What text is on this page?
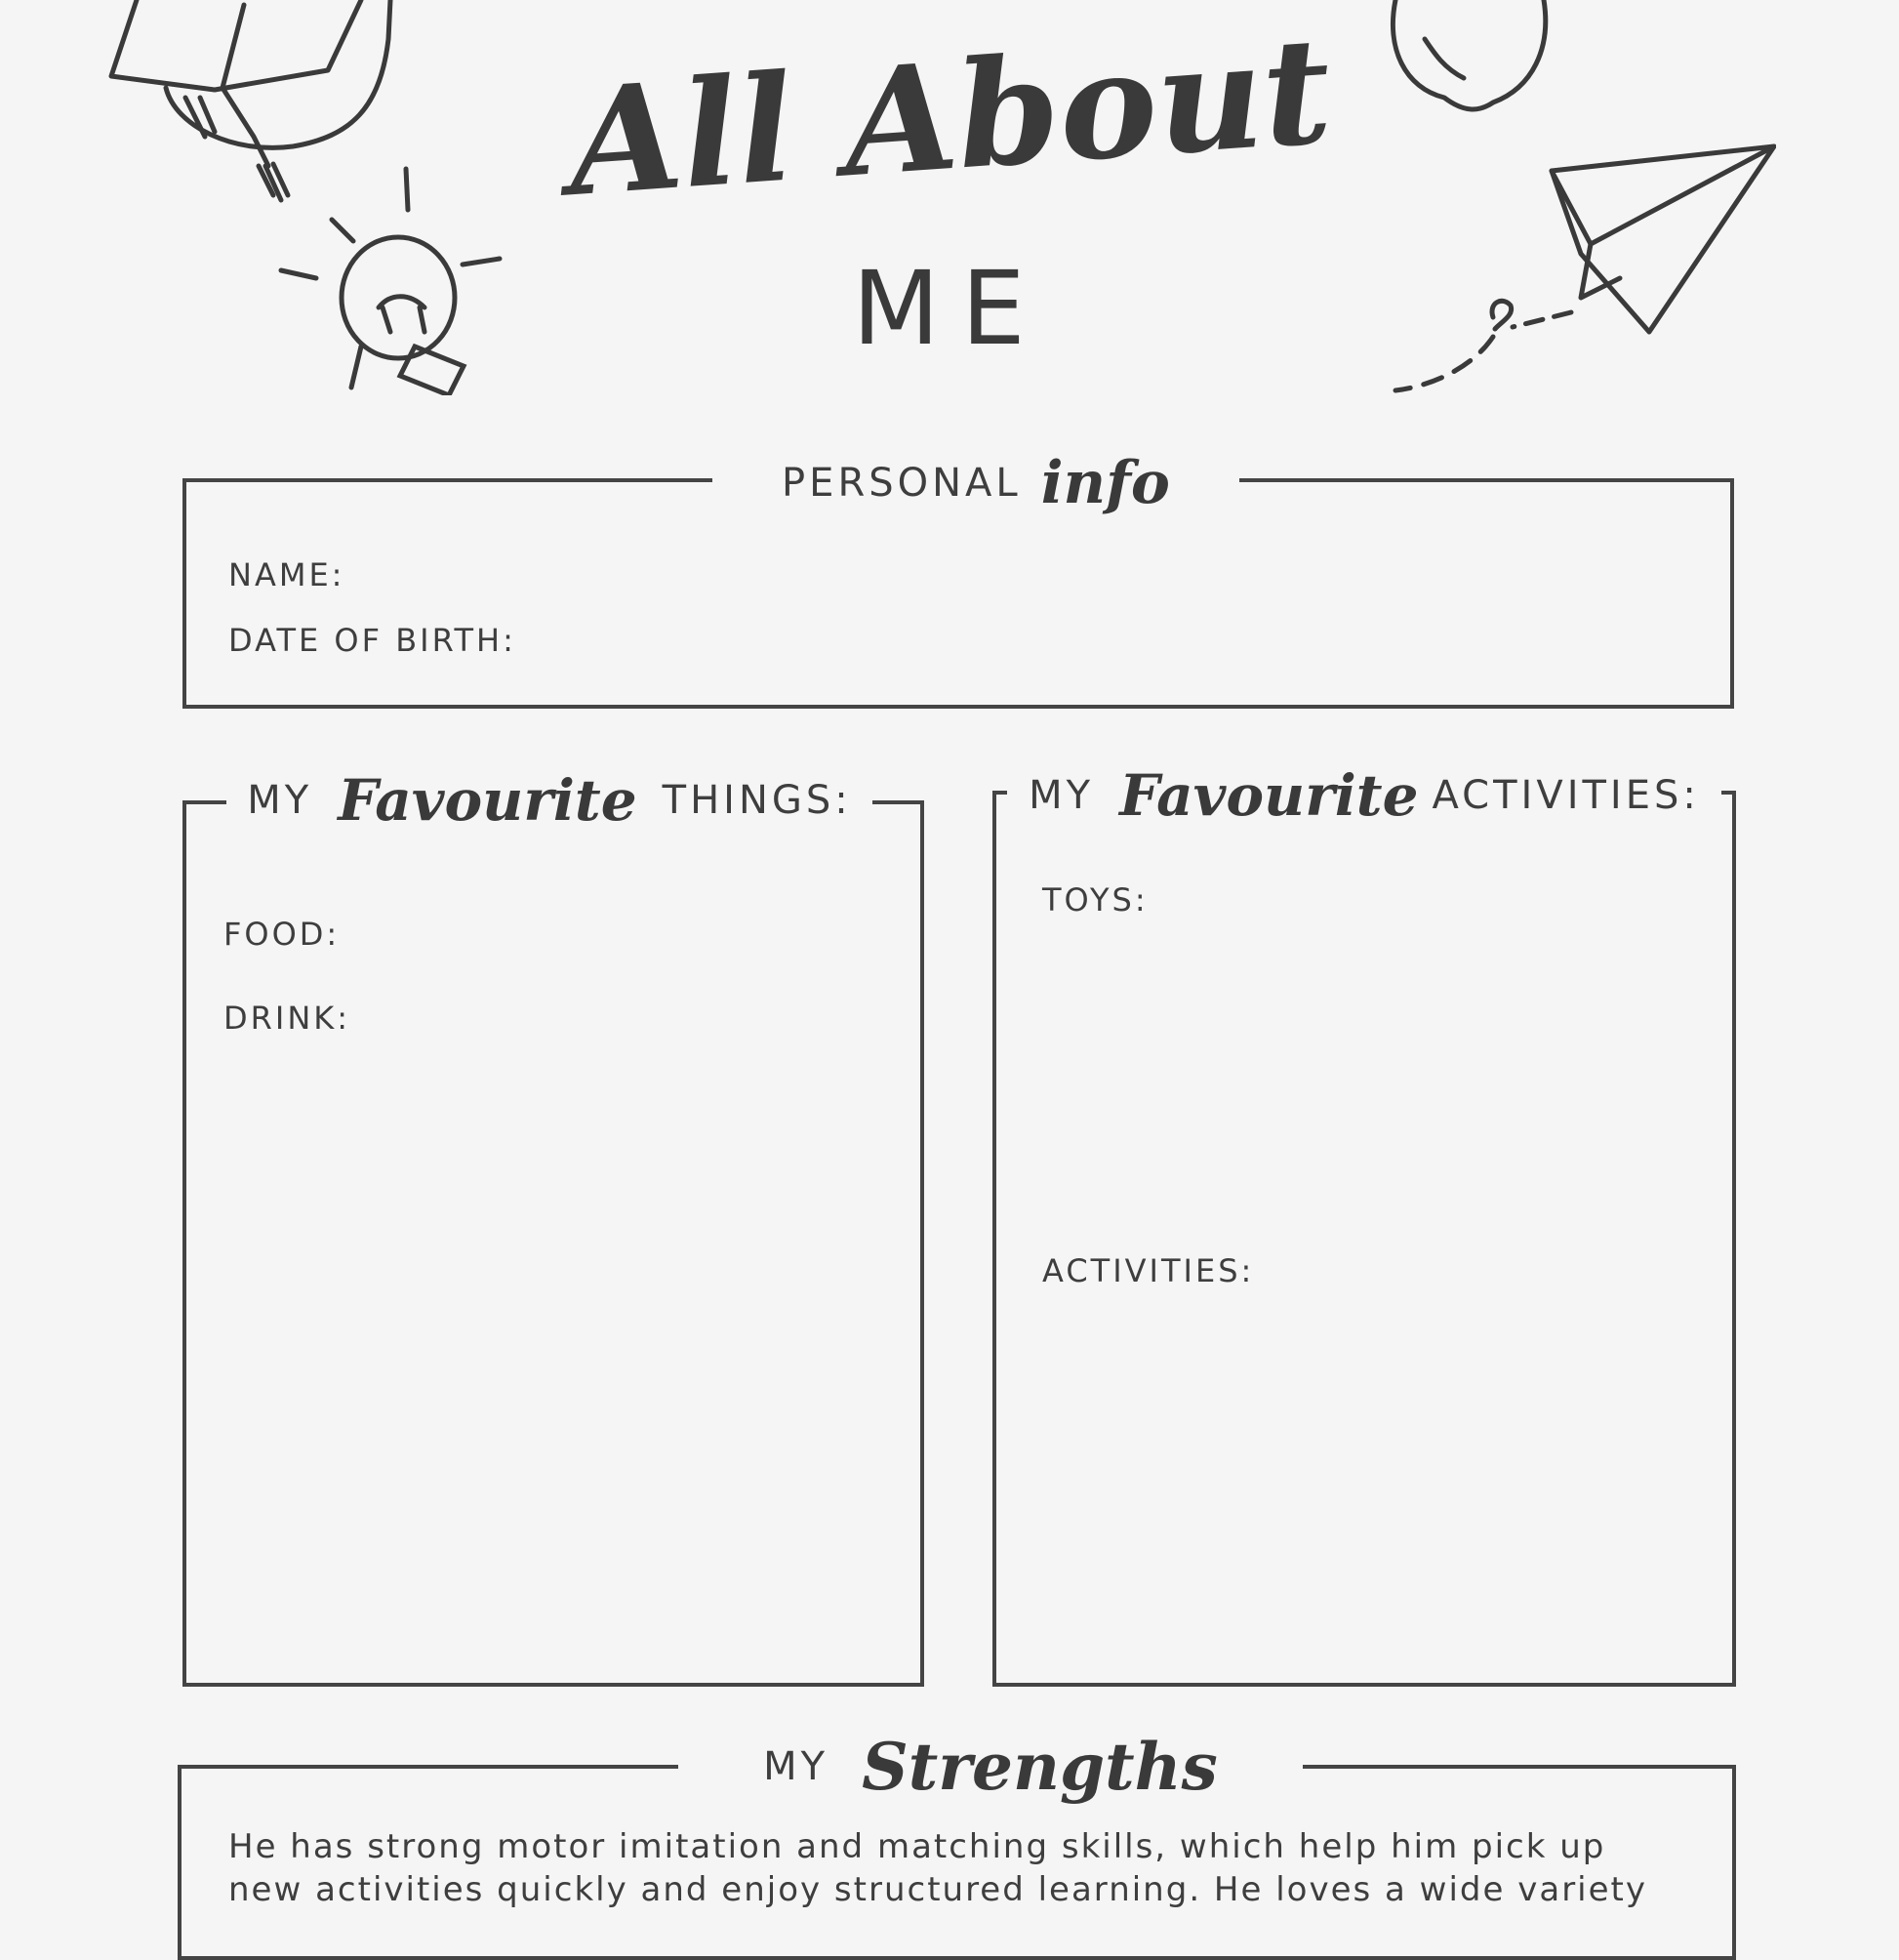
All About
ME
PERSONAL info
NAME:
DATE OF BIRTH:
MY Favourite THINGS:
FOOD:
DRINK:
MY Favourite ACTIVITIES:
TOYS:
ACTIVITIES:
MY Strengths
He has strong motor imitation and matching skills, which help him pick up new activities quickly and enjoy structured learning. He loves a wide variety
